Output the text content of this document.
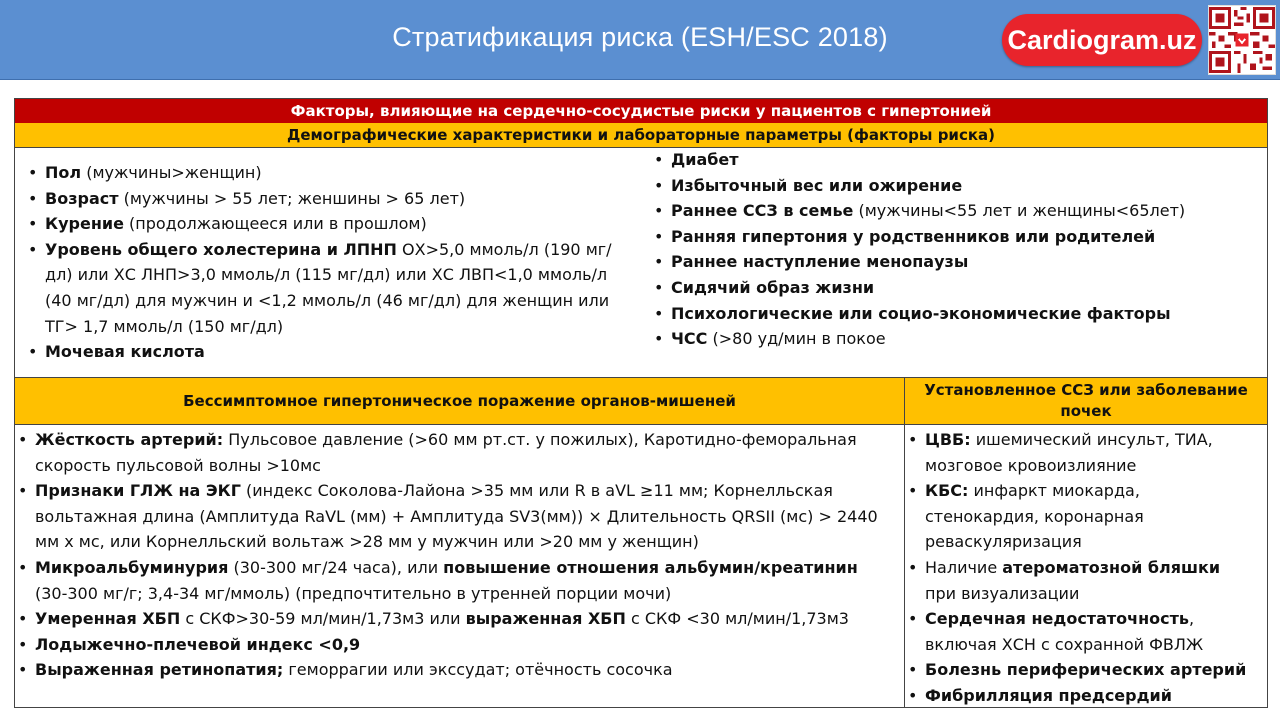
Стратификация риска (ESH/ESC 2018)	Cardiogram.uz
Факторы, влияющие на сердечно-сосудистые риски у пациентов с гипертонией
Демографические характеристики и лабораторные параметры (факторы риска)
• Пол (мужчины>женщин)
• Возраст (мужчины > 55 лет; женшины > 65 лет)
• Курение (продолжающееся или в прошлом)
• Уровень общего холестерина и ЛПНП ОХ>5,0 ммоль/л (190 мг/дл) или ХС ЛНП>3,0 ммоль/л (115 мг/дл) или ХС ЛВП<1,0 ммоль/л (40 мг/дл) для мужчин и <1,2 ммоль/л (46 мг/дл) для женщин или ТГ> 1,7 ммоль/л (150 мг/дл)
• Мочевая кислота
• Диабет
• Избыточный вес или ожирение
• Раннее ССЗ в семье (мужчины<55 лет и женщины<65лет)
• Ранняя гипертония у родственников или родителей
• Раннее наступление менопаузы
• Сидячий образ жизни
• Психологические или социо-экономические факторы
• ЧСС (>80 уд/мин в покое
Бессимптомное гипертоническое поражение органов-мишеней
Установленное ССЗ или заболевание почек
• Жёсткость артерий: Пульсовое давление (>60 мм рт.ст. у пожилых), Каротидно-феморальная скорость пульсовой волны >10мс
• Признаки ГЛЖ на ЭКГ (индекс Соколова-Лайона >35 мм или R в aVL ≥11 мм; Корнелльская вольтажная длина (Амплитуда RaVL (мм) + Амплитуда SV3(мм)) × Длительность QRSII (мс) > 2440 мм х мс, или Корнелльский вольтаж >28 мм у мужчин или >20 мм у женщин)
• Микроальбуминурия (30-300 мг/24 часа), или повышение отношения альбумин/креатинин (30-300 мг/г; 3,4-34 мг/ммоль) (предпочтительно в утренней порции мочи)
• Умеренная ХБП с СКФ>30-59 мл/мин/1,73м3 или выраженная ХБП с СКФ <30 мл/мин/1,73м3
• Лодыжечно-плечевой индекс <0,9
• Выраженная ретинопатия; геморрагии или экссудат; отёчность сосочка
• ЦВБ: ишемический инсульт, ТИА, мозговое кровоизлияние
• КБС: инфаркт миокарда, стенокардия, коронарная реваскуляризация
• Наличие атероматозной бляшки при визуализации
• Сердечная недостаточность, включая ХСН с сохранной ФВЛЖ
• Болезнь периферических артерий
• Фибрилляция предсердий
